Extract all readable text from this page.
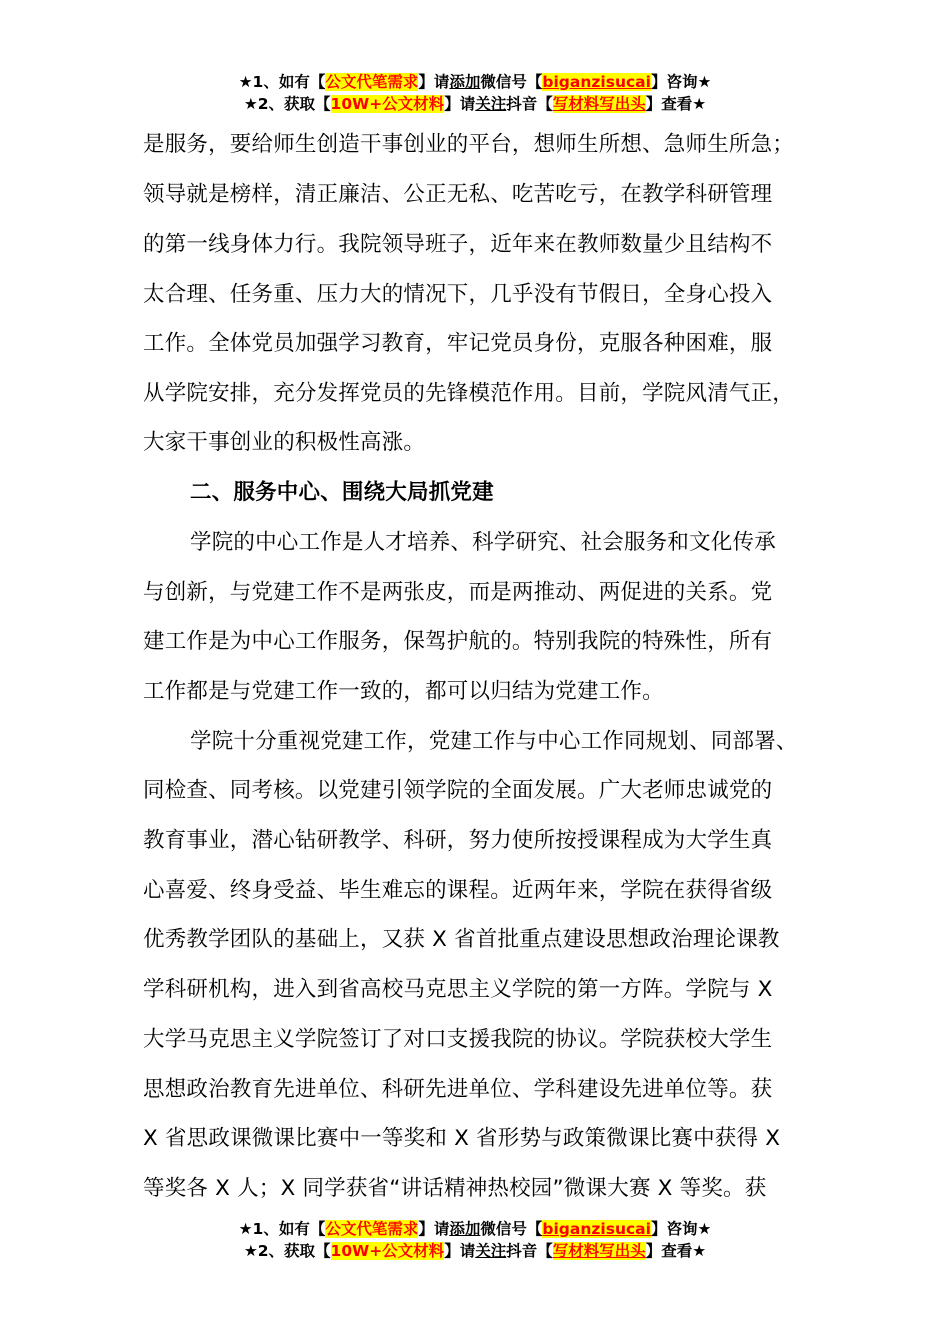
★1、如有【公文代笔需求】请添加微信号【biganzisucai】咨询★
★2、获取【10W+公文材料】请关注抖音【写材料写出头】查看★
是服务，要给师生创造干事创业的平台，想师生所想、急师生所急；
领导就是榜样，清正廉洁、公正无私、吃苦吃亏，在教学科研管理
的第一线身体力行。我院领导班子，近年来在教师数量少且结构不
太合理、任务重、压力大的情况下，几乎没有节假日，全身心投入
工作。全体党员加强学习教育，牢记党员身份，克服各种困难，服
从学院安排，充分发挥党员的先锋模范作用。目前，学院风清气正，
大家干事创业的积极性高涨。
二、服务中心、围绕大局抓党建
学院的中心工作是人才培养、科学研究、社会服务和文化传承
与创新，与党建工作不是两张皮，而是两推动、两促进的关系。党
建工作是为中心工作服务，保驾护航的。特别我院的特殊性，所有
工作都是与党建工作一致的，都可以归结为党建工作。
学院十分重视党建工作，党建工作与中心工作同规划、同部署、
同检查、同考核。以党建引领学院的全面发展。广大老师忠诚党的
教育事业，潜心钻研教学、科研，努力使所按授课程成为大学生真
心喜爱、终身受益、毕生难忘的课程。近两年来，学院在获得省级
优秀教学团队的基础上，又获 X 省首批重点建设思想政治理论课教
学科研机构，进入到省高校马克思主义学院的第一方阵。学院与 X
大学马克思主义学院签订了对口支援我院的协议。学院获校大学生
思想政治教育先进单位、科研先进单位、学科建设先进单位等。获
X 省思政课微课比赛中一等奖和 X 省形势与政策微课比赛中获得 X
等奖各 X 人；X 同学获省“讲话精神热校园”微课大赛 X 等奖。获
★1、如有【公文代笔需求】请添加微信号【biganzisucai】咨询★
★2、获取【10W+公文材料】请关注抖音【写材料写出头】查看★
